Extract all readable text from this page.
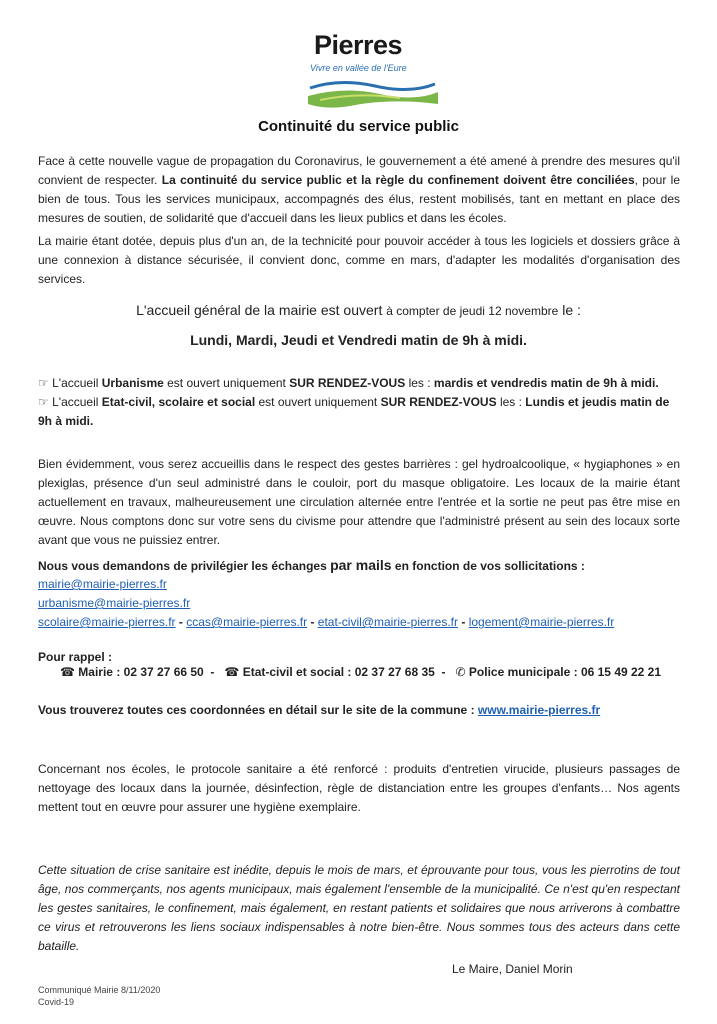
Pierres
Vivre en vallée de l'Eure
Continuité du service public

Face à cette nouvelle vague de propagation du Coronavirus, le gouvernement a été amené à prendre des mesures qu'il convient de respecter. La continuité du service public et la règle du confinement doivent être conciliées, pour le bien de tous. Tous les services municipaux, accompagnés des élus, restent mobilisés, tant en mettant en place des mesures de soutien, de solidarité que d'accueil dans les lieux publics et dans les écoles.

La mairie étant dotée, depuis plus d'un an, de la technicité pour pouvoir accéder à tous les logiciels et dossiers grâce à une connexion à distance sécurisée, il convient donc, comme en mars, d'adapter les modalités d'organisation des services.

L'accueil général de la mairie est ouvert à compter de jeudi 12 novembre le :

Lundi, Mardi, Jeudi et Vendredi matin de 9h à midi.

☞ L'accueil Urbanisme est ouvert uniquement SUR RENDEZ-VOUS les : mardis et vendredis matin de 9h à midi.

☞ L'accueil Etat-civil, scolaire et social est ouvert uniquement SUR RENDEZ-VOUS les : Lundis et jeudis matin de
9h à midi.

Bien évidemment, vous serez accueillis dans le respect des gestes barrières : gel hydroalcoolique, « hygiaphones » en plexiglas, présence d'un seul administré dans le couloir, port du masque obligatoire. Les locaux de la mairie étant actuellement en travaux, malheureusement une circulation alternée entre l'entrée et la sortie ne peut pas être mise en œuvre. Nous comptons donc sur votre sens du civisme pour attendre que l'administré présent au sein des locaux sorte avant que vous ne puissiez entrer.

Nous vous demandons de privilégier les échanges par mails en fonction de vos sollicitations :

mairie@mairie-pierres.fr
urbanisme@mairie-pierres.fr
scolaire@mairie-pierres.fr - ccas@mairie-pierres.fr - etat-civil@mairie-pierres.fr - logement@mairie-pierres.fr

Pour rappel :

☎ Mairie : 02 37 27 66 50 - ☎ Etat-civil et social : 02 37 27 68 35 - ✆ Police municipale : 06 15 49 22 21

Vous trouverez toutes ces coordonnées en détail sur le site de la commune : www.mairie-pierres.fr

Concernant nos écoles, le protocole sanitaire a été renforcé : produits d'entretien virucide, plusieurs passages de nettoyage des locaux dans la journée, désinfection, règle de distanciation entre les groupes d'enfants… Nos agents mettent tout en œuvre pour assurer une hygiène exemplaire.

Cette situation de crise sanitaire est inédite, depuis le mois de mars, et éprouvante pour tous, vous les pierrotins de tout âge, nos commerçants, nos agents municipaux, mais également l'ensemble de la municipalité. Ce n'est qu'en respectant les gestes sanitaires, le confinement, mais également, en restant patients et solidaires que nous arriverons à combattre ce virus et retrouverons les liens sociaux indispensables à notre bien-être. Nous sommes tous des acteurs dans cette bataille.

Le Maire, Daniel Morin
Communiqué Mairie 8/11/2020
Covid-19
